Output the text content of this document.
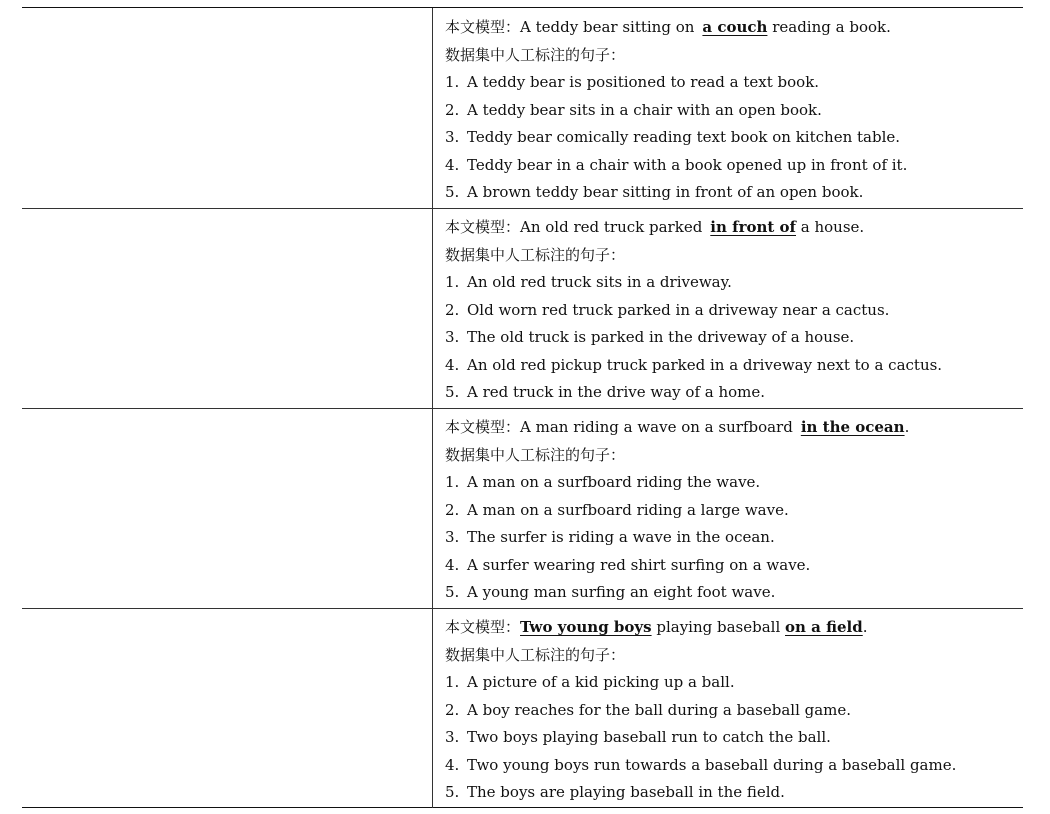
本文模型：A teddy bear sitting on a couch reading a book.
数据集中人工标注的句子：
1. A teddy bear is positioned to read a text book.
2. A teddy bear sits in a chair with an open book.
3. Teddy bear comically reading text book on kitchen table.
4. Teddy bear in a chair with a book opened up in front of it.
5. A brown teddy bear sitting in front of an open book.
本文模型：An old red truck parked in front of a house.
数据集中人工标注的句子：
1. An old red truck sits in a driveway.
2. Old worn red truck parked in a driveway near a cactus.
3. The old truck is parked in the driveway of a house.
4. An old red pickup truck parked in a driveway next to a cactus.
5. A red truck in the drive way of a home.
本文模型：A man riding a wave on a surfboard in the ocean.
数据集中人工标注的句子：
1. A man on a surfboard riding the wave.
2. A man on a surfboard riding a large wave.
3. The surfer is riding a wave in the ocean.
4. A surfer wearing red shirt surfing on a wave.
5. A young man surfing an eight foot wave.
本文模型：Two young boys playing baseball on a field.
数据集中人工标注的句子：
1. A picture of a kid picking up a ball.
2. A boy reaches for the ball during a baseball game.
3. Two boys playing baseball run to catch the ball.
4. Two young boys run towards a baseball during a baseball game.
5. The boys are playing baseball in the field.
